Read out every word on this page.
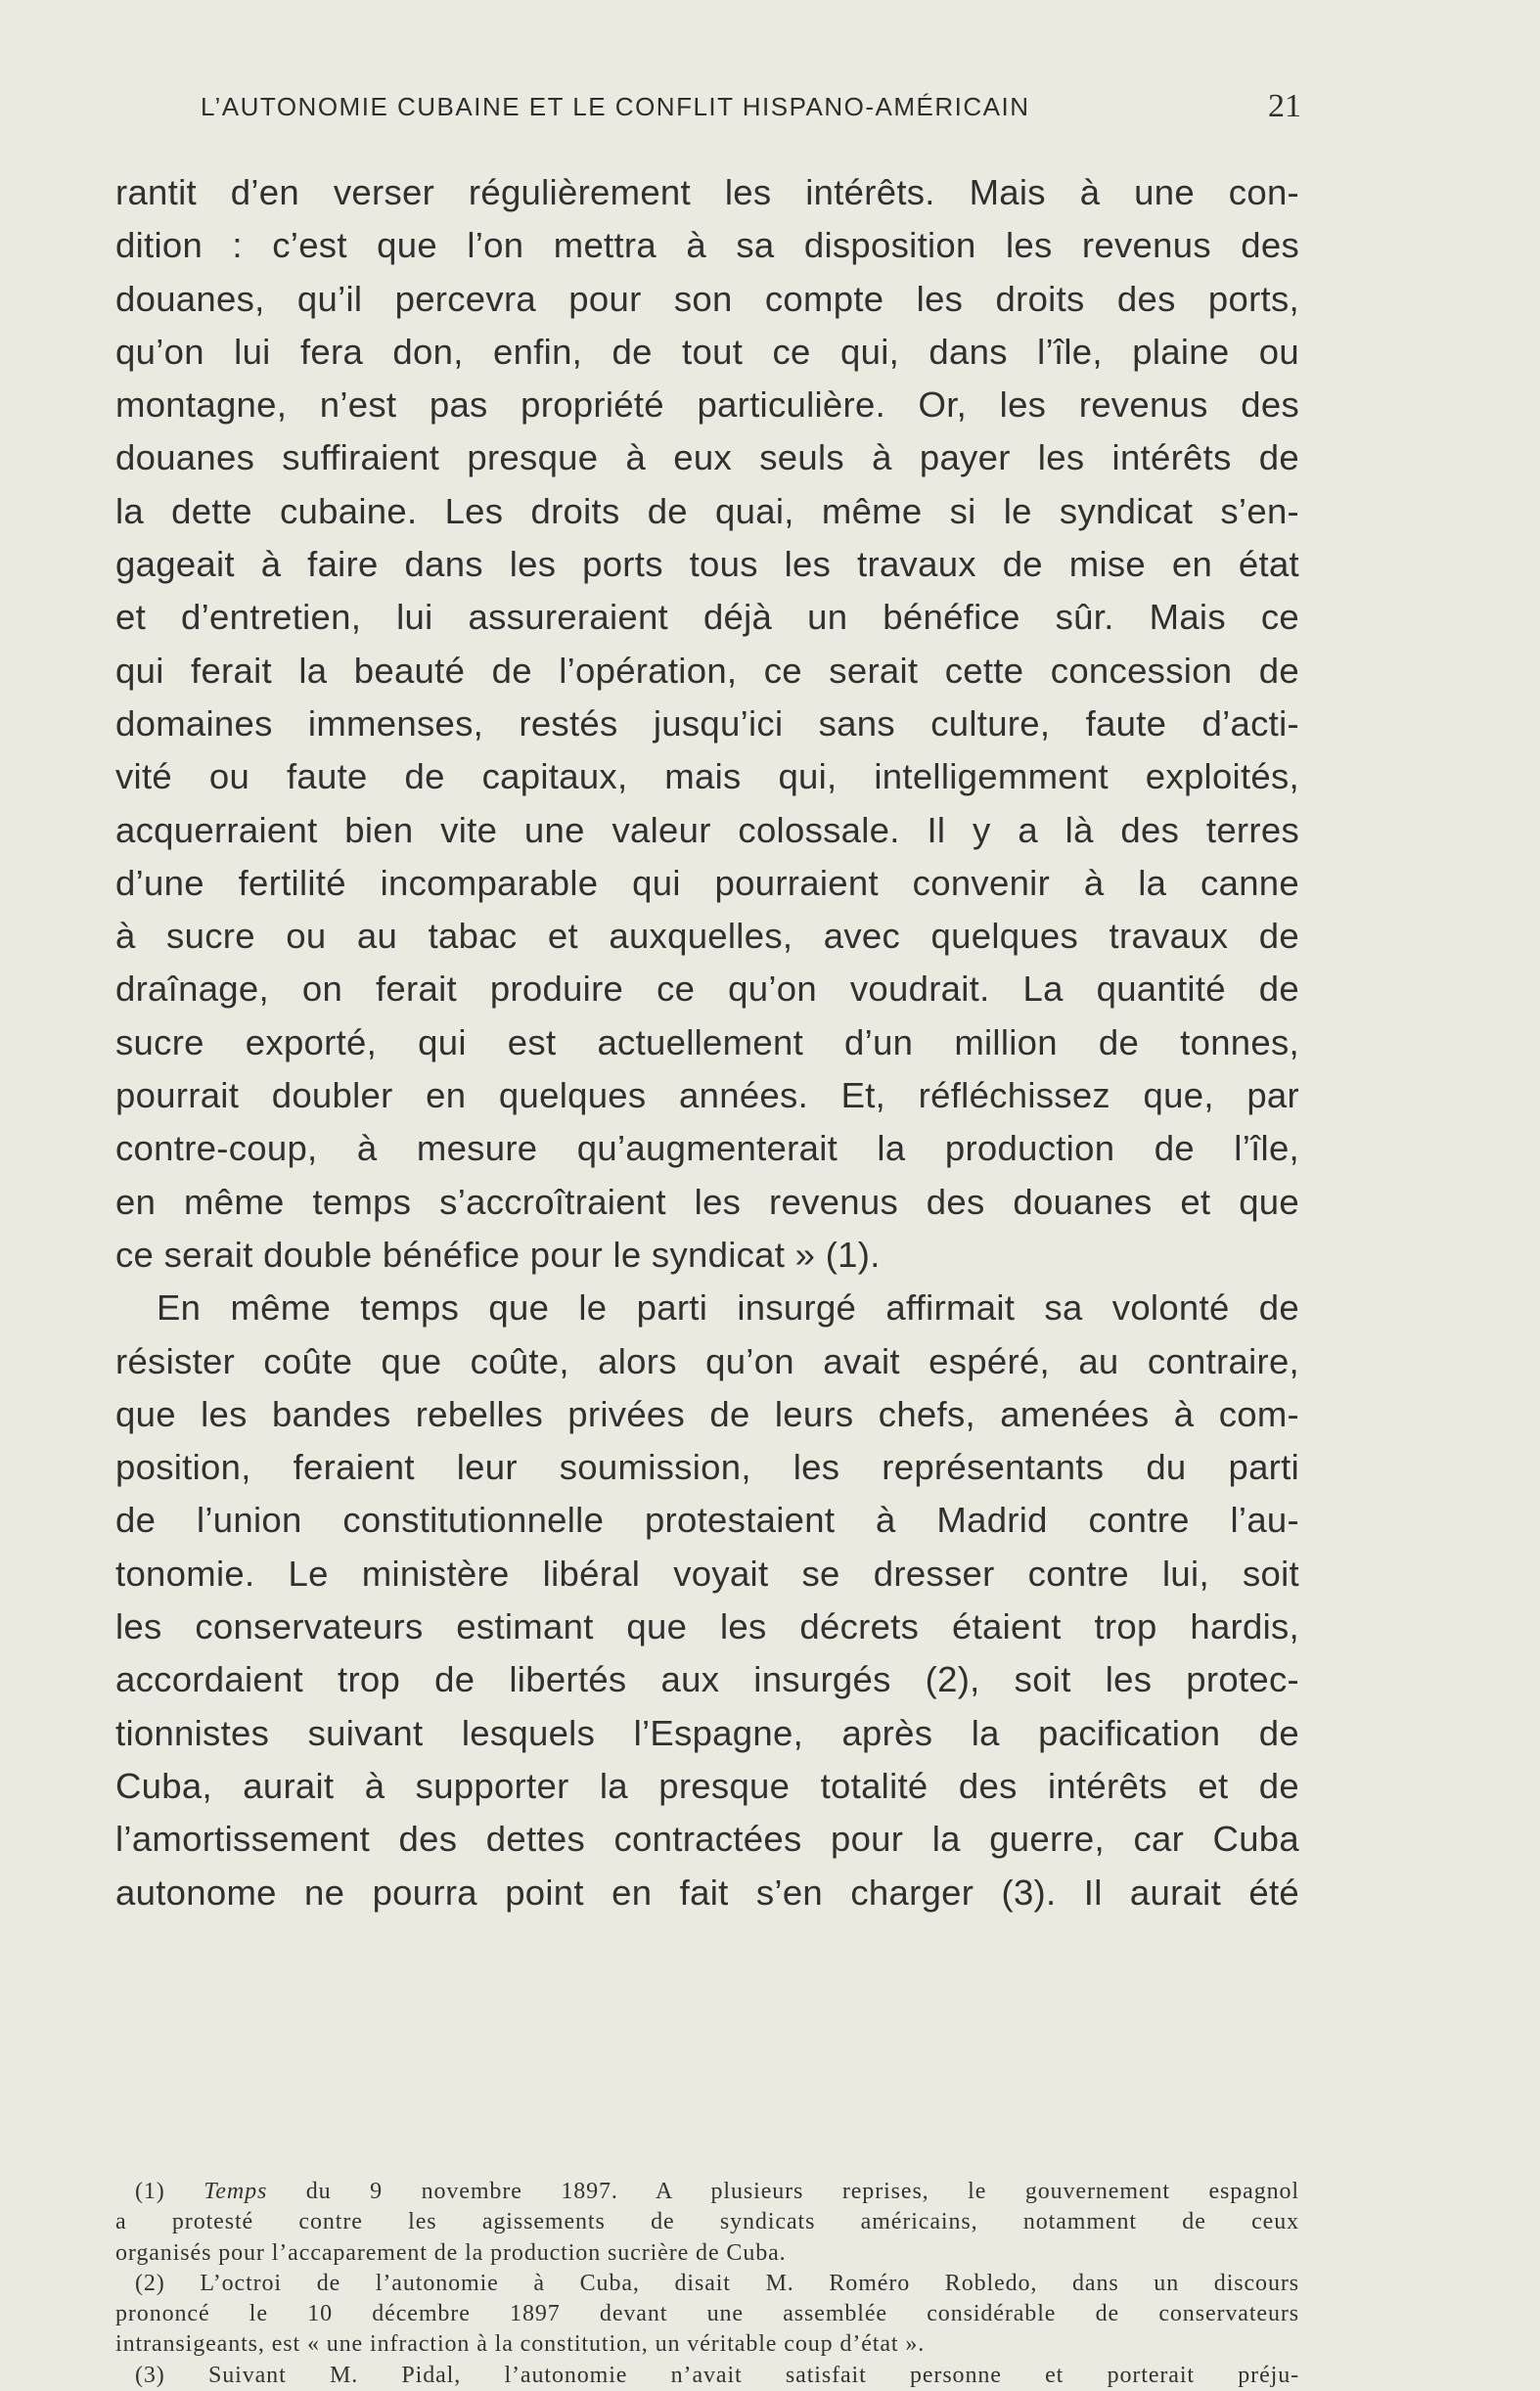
L’AUTONOMIE CUBAINE ET LE CONFLIT HISPANO-AMÉRICAIN	21
rantit d’en verser régulièrement les intérêts. Mais à une con-
dition : c’est que l’on mettra à sa disposition les revenus des
douanes, qu’il percevra pour son compte les droits des ports,
qu’on lui fera don, enfin, de tout ce qui, dans l’île, plaine ou
montagne, n’est pas propriété particulière. Or, les revenus des
douanes suffiraient presque à eux seuls à payer les intérêts de
la dette cubaine. Les droits de quai, même si le syndicat s’en-
gageait à faire dans les ports tous les travaux de mise en état
et d’entretien, lui assureraient déjà un bénéfice sûr. Mais ce
qui ferait la beauté de l’opération, ce serait cette concession de
domaines immenses, restés jusqu’ici sans culture, faute d’acti-
vité ou faute de capitaux, mais qui, intelligemment exploités,
acquerraient bien vite une valeur colossale. Il y a là des terres
d’une fertilité incomparable qui pourraient convenir à la canne
à sucre ou au tabac et auxquelles, avec quelques travaux de
draînage, on ferait produire ce qu’on voudrait. La quantité de
sucre exporté, qui est actuellement d’un million de tonnes,
pourrait doubler en quelques années. Et, réfléchissez que, par
contre-coup, à mesure qu’augmenterait la production de l’île,
en même temps s’accroîtraient les revenus des douanes et que
ce serait double bénéfice pour le syndicat » (1).
En même temps que le parti insurgé affirmait sa volonté de
résister coûte que coûte, alors qu’on avait espéré, au contraire,
que les bandes rebelles privées de leurs chefs, amenées à com-
position, feraient leur soumission, les représentants du parti
de l’union constitutionnelle protestaient à Madrid contre l’au-
tonomie. Le ministère libéral voyait se dresser contre lui, soit
les conservateurs estimant que les décrets étaient trop hardis,
accordaient trop de libertés aux insurgés (2), soit les protec-
tionnistes suivant lesquels l’Espagne, après la pacification de
Cuba, aurait à supporter la presque totalité des intérêts et de
l’amortissement des dettes contractées pour la guerre, car Cuba
autonome ne pourra point en fait s’en charger (3). Il aurait été
(1) Temps du 9 novembre 1897. A plusieurs reprises, le gouvernement espagnol
a protesté contre les agissements de syndicats américains, notamment de ceux
organisés pour l’accaparement de la production sucrière de Cuba.
(2) L’octroi de l’autonomie à Cuba, disait M. Roméro Robledo, dans un discours
prononcé le 10 décembre 1897 devant une assemblée considérable de conservateurs
intransigeants, est « une infraction à la constitution, un véritable coup d’état ».
(3) Suivant M. Pidal, l’autonomie n’avait satisfait personne et porterait préju-
